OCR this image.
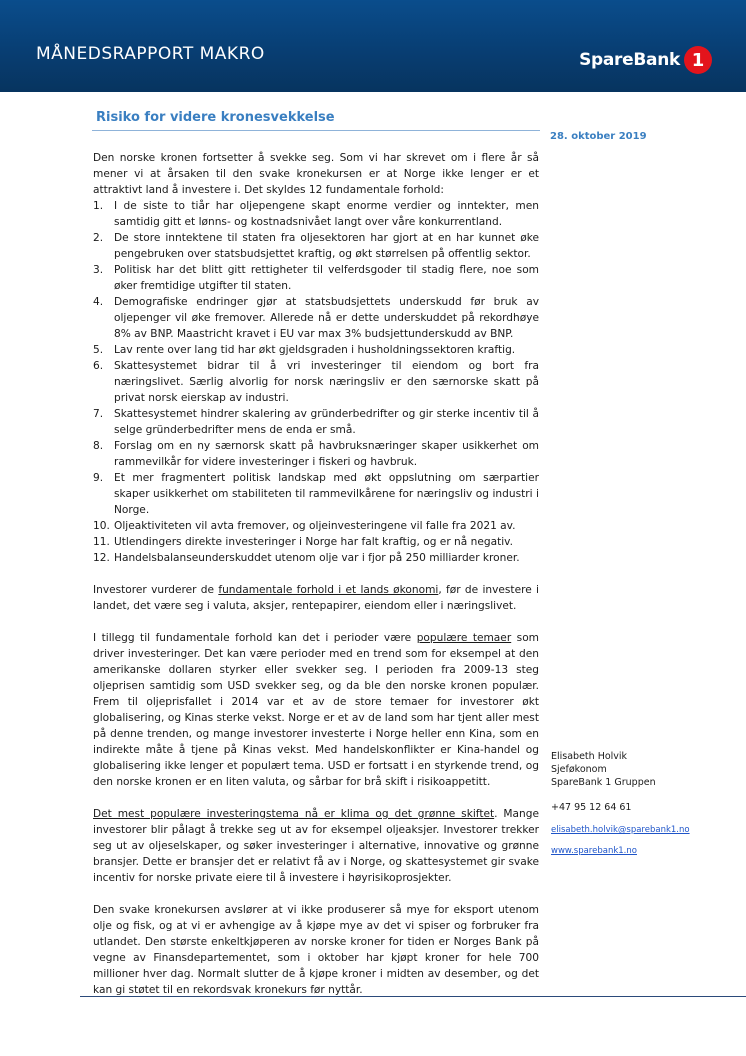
MÅNEDSRAPPORT MAKRO	SpareBank 1
Risiko for videre kronesvekkelse
28. oktober 2019

Den norske kronen fortsetter å svekke seg. Som vi har skrevet om i flere år så mener vi at årsaken til den svake kronekursen er at Norge ikke lenger er et attraktivt land å investere i. Det skyldes 12 fundamentale forhold:

1. I de siste to tiår har oljepengene skapt enorme verdier og inntekter, men samtidig gitt et lønns- og kostnadsnivået langt over våre konkurrentland.
2. De store inntektene til staten fra oljesektoren har gjort at en har kunnet øke pengebruken over statsbudsjettet kraftig, og økt størrelsen på offentlig sektor.
3. Politisk har det blitt gitt rettigheter til velferdsgoder til stadig flere, noe som øker fremtidige utgifter til staten.
4. Demografiske endringer gjør at statsbudsjettets underskudd før bruk av oljepenger vil øke fremover. Allerede nå er dette underskuddet på rekordhøye 8% av BNP. Maastricht kravet i EU var max 3% budsjettunderskudd av BNP.
5. Lav rente over lang tid har økt gjeldsgraden i husholdningssektoren kraftig.
6. Skattesystemet bidrar til å vri investeringer til eiendom og bort fra næringslivet. Særlig alvorlig for norsk næringsliv er den særnorske skatt på privat norsk eierskap av industri.
7. Skattesystemet hindrer skalering av gründerbedrifter og gir sterke incentiv til å selge gründerbedrifter mens de enda er små.
8. Forslag om en ny særnorsk skatt på havbruksnæringer skaper usikkerhet om rammevilkår for videre investeringer i fiskeri og havbruk.
9. Et mer fragmentert politisk landskap med økt oppslutning om særpartier skaper usikkerhet om stabiliteten til rammevilkårene for næringsliv og industri i Norge.
10. Oljeaktiviteten vil avta fremover, og oljeinvesteringene vil falle fra 2021 av.
11. Utlendingers direkte investeringer i Norge har falt kraftig, og er nå negativ.
12. Handelsbalanseunderskuddet utenom olje var i fjor på 250 milliarder kroner.

Investorer vurderer de fundamentale forhold i et lands økonomi, før de investere i landet, det være seg i valuta, aksjer, rentepapirer, eiendom eller i næringslivet.

I tillegg til fundamentale forhold kan det i perioder være populære temaer som driver investeringer. Det kan være perioder med en trend som for eksempel at den amerikanske dollaren styrker eller svekker seg. I perioden fra 2009-13 steg oljeprisen samtidig som USD svekker seg, og da ble den norske kronen populær. Frem til oljeprisfallet i 2014 var et av de store temaer for investorer økt globalisering, og Kinas sterke vekst. Norge er et av de land som har tjent aller mest på denne trenden, og mange investorer investerte i Norge heller enn Kina, som en indirekte måte å tjene på Kinas vekst. Med handelskonflikter er Kina-handel og globalisering ikke lenger et populært tema. USD er fortsatt i en styrkende trend, og den norske kronen er en liten valuta, og sårbar for brå skift i risikoappetitt.

Det mest populære investeringstema nå er klima og det grønne skiftet. Mange investorer blir pålagt å trekke seg ut av for eksempel oljeaksjer. Investorer trekker seg ut av oljeselskaper, og søker investeringer i alternative, innovative og grønne bransjer. Dette er bransjer det er relativt få av i Norge, og skattesystemet gir svake incentiv for norske private eiere til å investere i høyrisikoprosjekter.

Den svake kronekursen avslører at vi ikke produserer så mye for eksport utenom olje og fisk, og at vi er avhengige av å kjøpe mye av det vi spiser og forbruker fra utlandet. Den største enkeltkjøperen av norske kroner for tiden er Norges Bank på vegne av Finansdepartementet, som i oktober har kjøpt kroner for hele 700 millioner hver dag. Normalt slutter de å kjøpe kroner i midten av desember, og det kan gi støtet til en rekordsvak kronekurs før nyttår.

Elisabeth Holvik
Sjeføkonom
SpareBank 1 Gruppen
+47 95 12 64 61
elisabeth.holvik@sparebank1.no
www.sparebank1.no
